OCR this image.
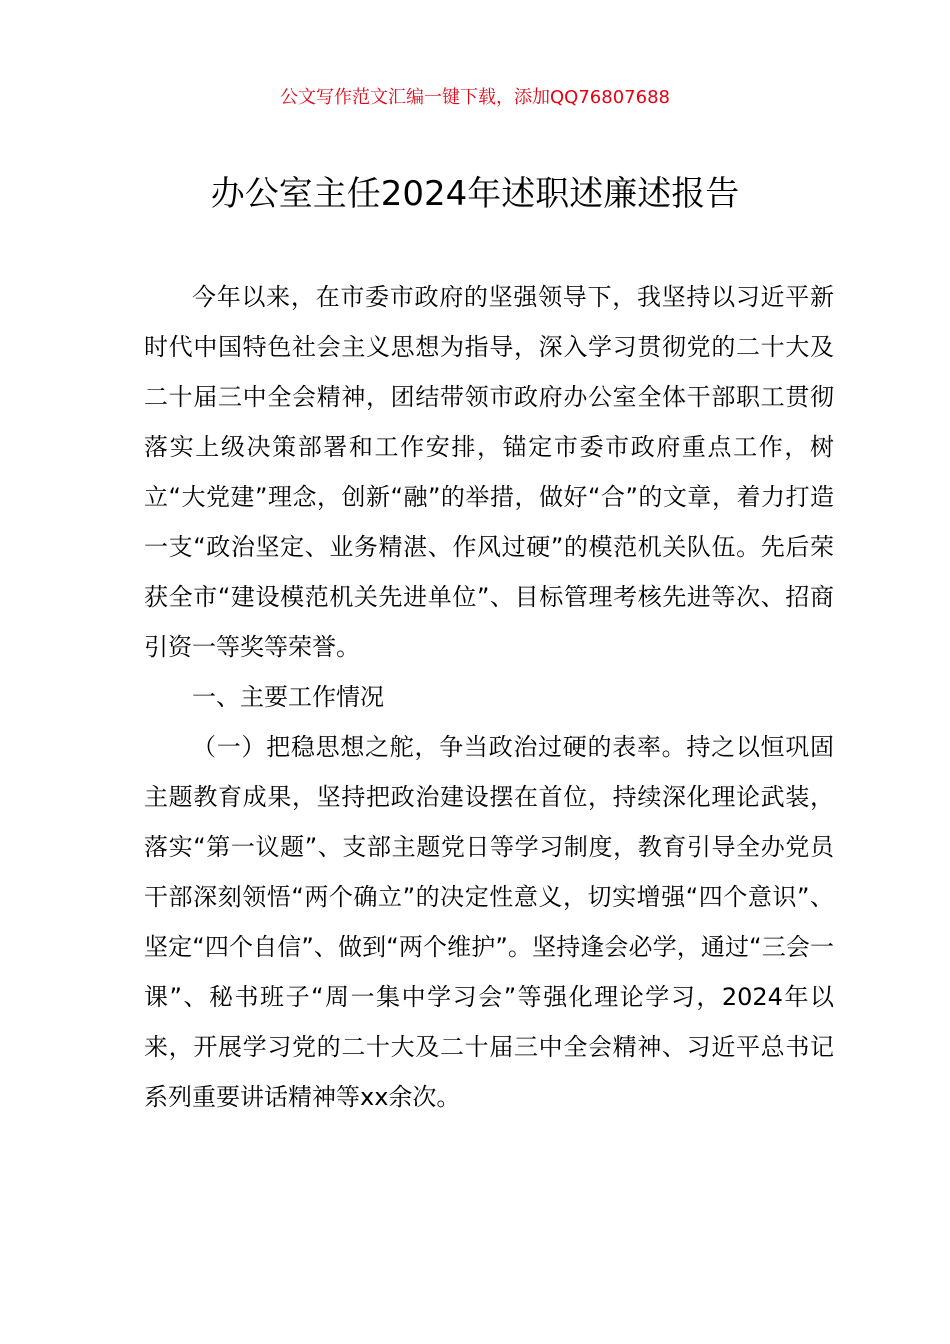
公文写作范文汇编一键下载，添加QQ76807688
办公室主任2024年述职述廉述报告

今年以来，在市委市政府的坚强领导下，我坚持以习近平新时代中国特色社会主义思想为指导，深入学习贯彻党的二十大及二十届三中全会精神，团结带领市政府办公室全体干部职工贯彻落实上级决策部署和工作安排，锚定市委市政府重点工作，树立“大党建”理念，创新“融”的举措，做好“合”的文章，着力打造一支“政治坚定、业务精湛、作风过硬”的模范机关队伍。先后荣获全市“建设模范机关先进单位”、目标管理考核先进等次、招商引资一等奖等荣誉。

一、主要工作情况

（一）把稳思想之舵，争当政治过硬的表率。持之以恒巩固主题教育成果，坚持把政治建设摆在首位，持续深化理论武装，落实“第一议题”、支部主题党日等学习制度，教育引导全办党员干部深刻领悟“两个确立”的决定性意义，切实增强“四个意识”、坚定“四个自信”、做到“两个维护”。坚持逢会必学，通过“三会一课”、秘书班子“周一集中学习会”等强化理论学习，2024年以来，开展学习党的二十大及二十届三中全会精神、习近平总书记系列重要讲话精神等xx余次。
